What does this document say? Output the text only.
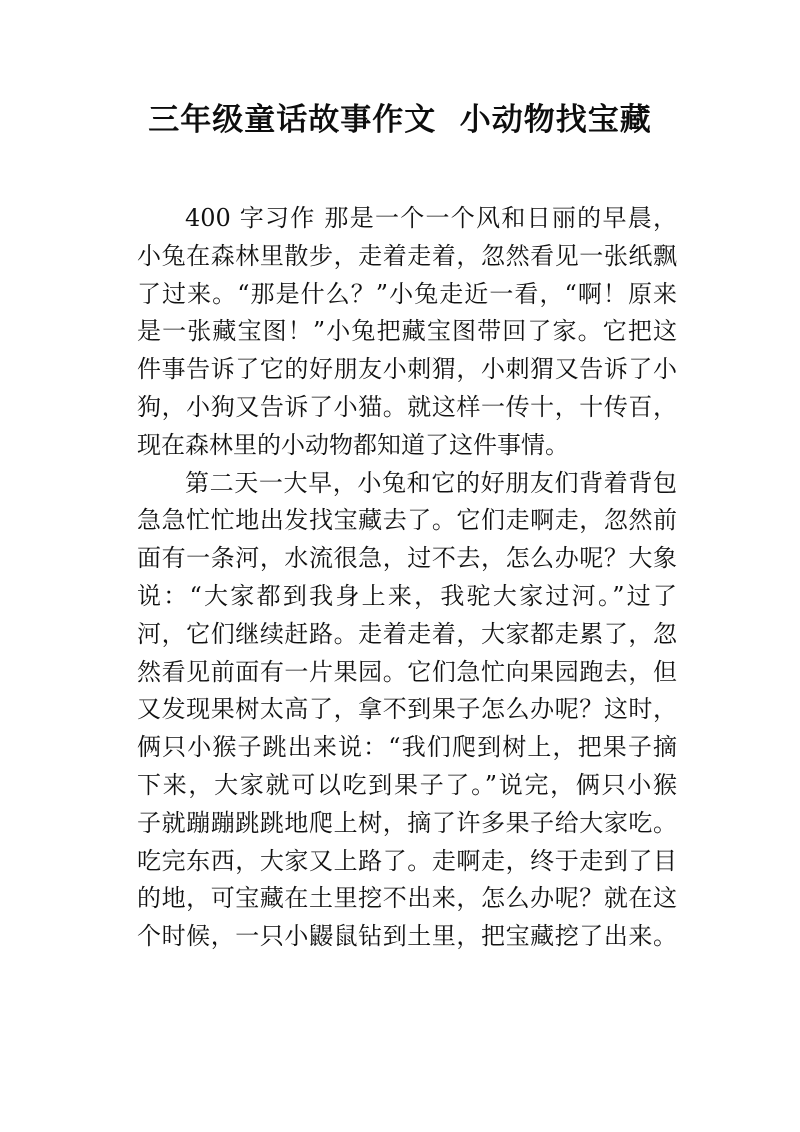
三年级童话故事作文  小动物找宝藏
400 字习作 那是一个一个风和日丽的早晨，
小兔在森林里散步，走着走着，忽然看见一张纸飘
了过来。“那是什么？”小兔走近一看，“啊！原来
是一张藏宝图！”小兔把藏宝图带回了家。它把这
件事告诉了它的好朋友小刺猬，小刺猬又告诉了小
狗，小狗又告诉了小猫。就这样一传十，十传百，
现在森林里的小动物都知道了这件事情。
第二天一大早，小兔和它的好朋友们背着背包
急急忙忙地出发找宝藏去了。它们走啊走，忽然前
面有一条河，水流很急，过不去，怎么办呢？大象
说：“大家都到我身上来，我驼大家过河。”过了
河，它们继续赶路。走着走着，大家都走累了，忽
然看见前面有一片果园。它们急忙向果园跑去，但
又发现果树太高了，拿不到果子怎么办呢？这时，
俩只小猴子跳出来说：“我们爬到树上，把果子摘
下来，大家就可以吃到果子了。”说完，俩只小猴
子就蹦蹦跳跳地爬上树，摘了许多果子给大家吃。
吃完东西，大家又上路了。走啊走，终于走到了目
的地，可宝藏在土里挖不出来，怎么办呢？就在这
个时候，一只小鼹鼠钻到土里，把宝藏挖了出来。
